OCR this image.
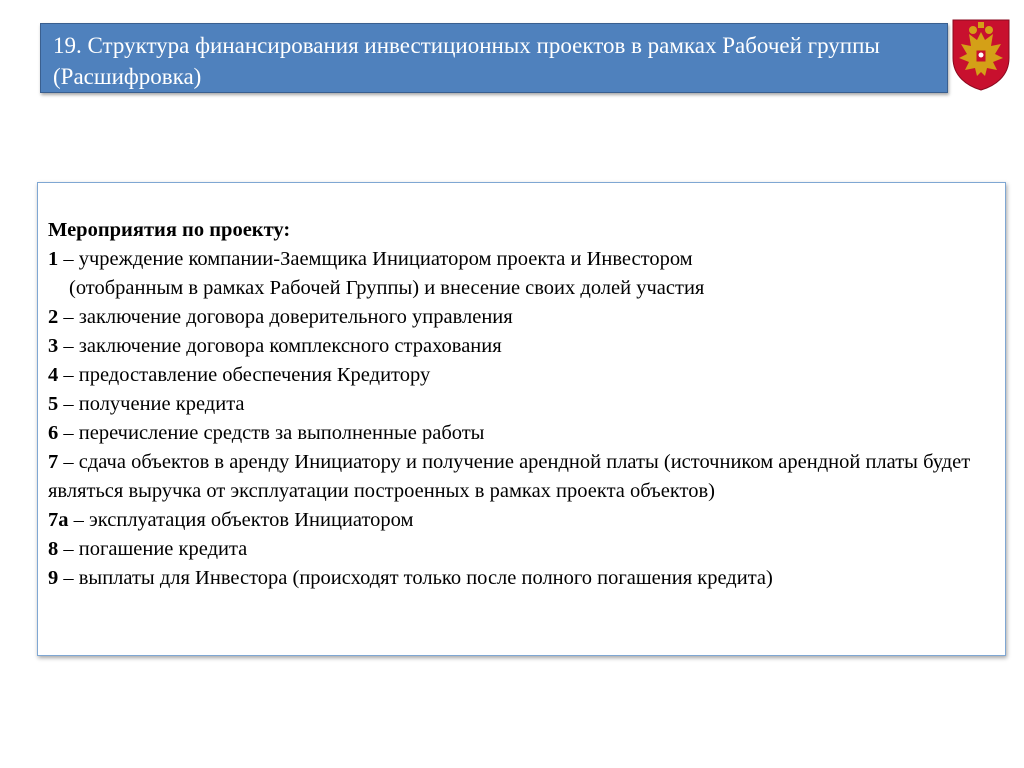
19. Структура финансирования инвестиционных проектов в рамках Рабочей группы (Расшифровка)

Мероприятия по проекту:

1 – учреждение компании-Заемщика Инициатором проекта и Инвестором

(отобранным в рамках Рабочей Группы) и внесение своих долей участия

2 – заключение договора доверительного управления

3 – заключение договора комплексного страхования

4 – предоставление обеспечения Кредитору

5 – получение кредита

6 – перечисление средств за выполненные работы

7 – сдача объектов в аренду Инициатору и получение арендной платы (источником арендной платы будет являться выручка от эксплуатации построенных в рамках проекта объектов)

7а – эксплуатация объектов Инициатором

8 – погашение кредита

9 – выплаты для Инвестора (происходят только после полного погашения кредита)
